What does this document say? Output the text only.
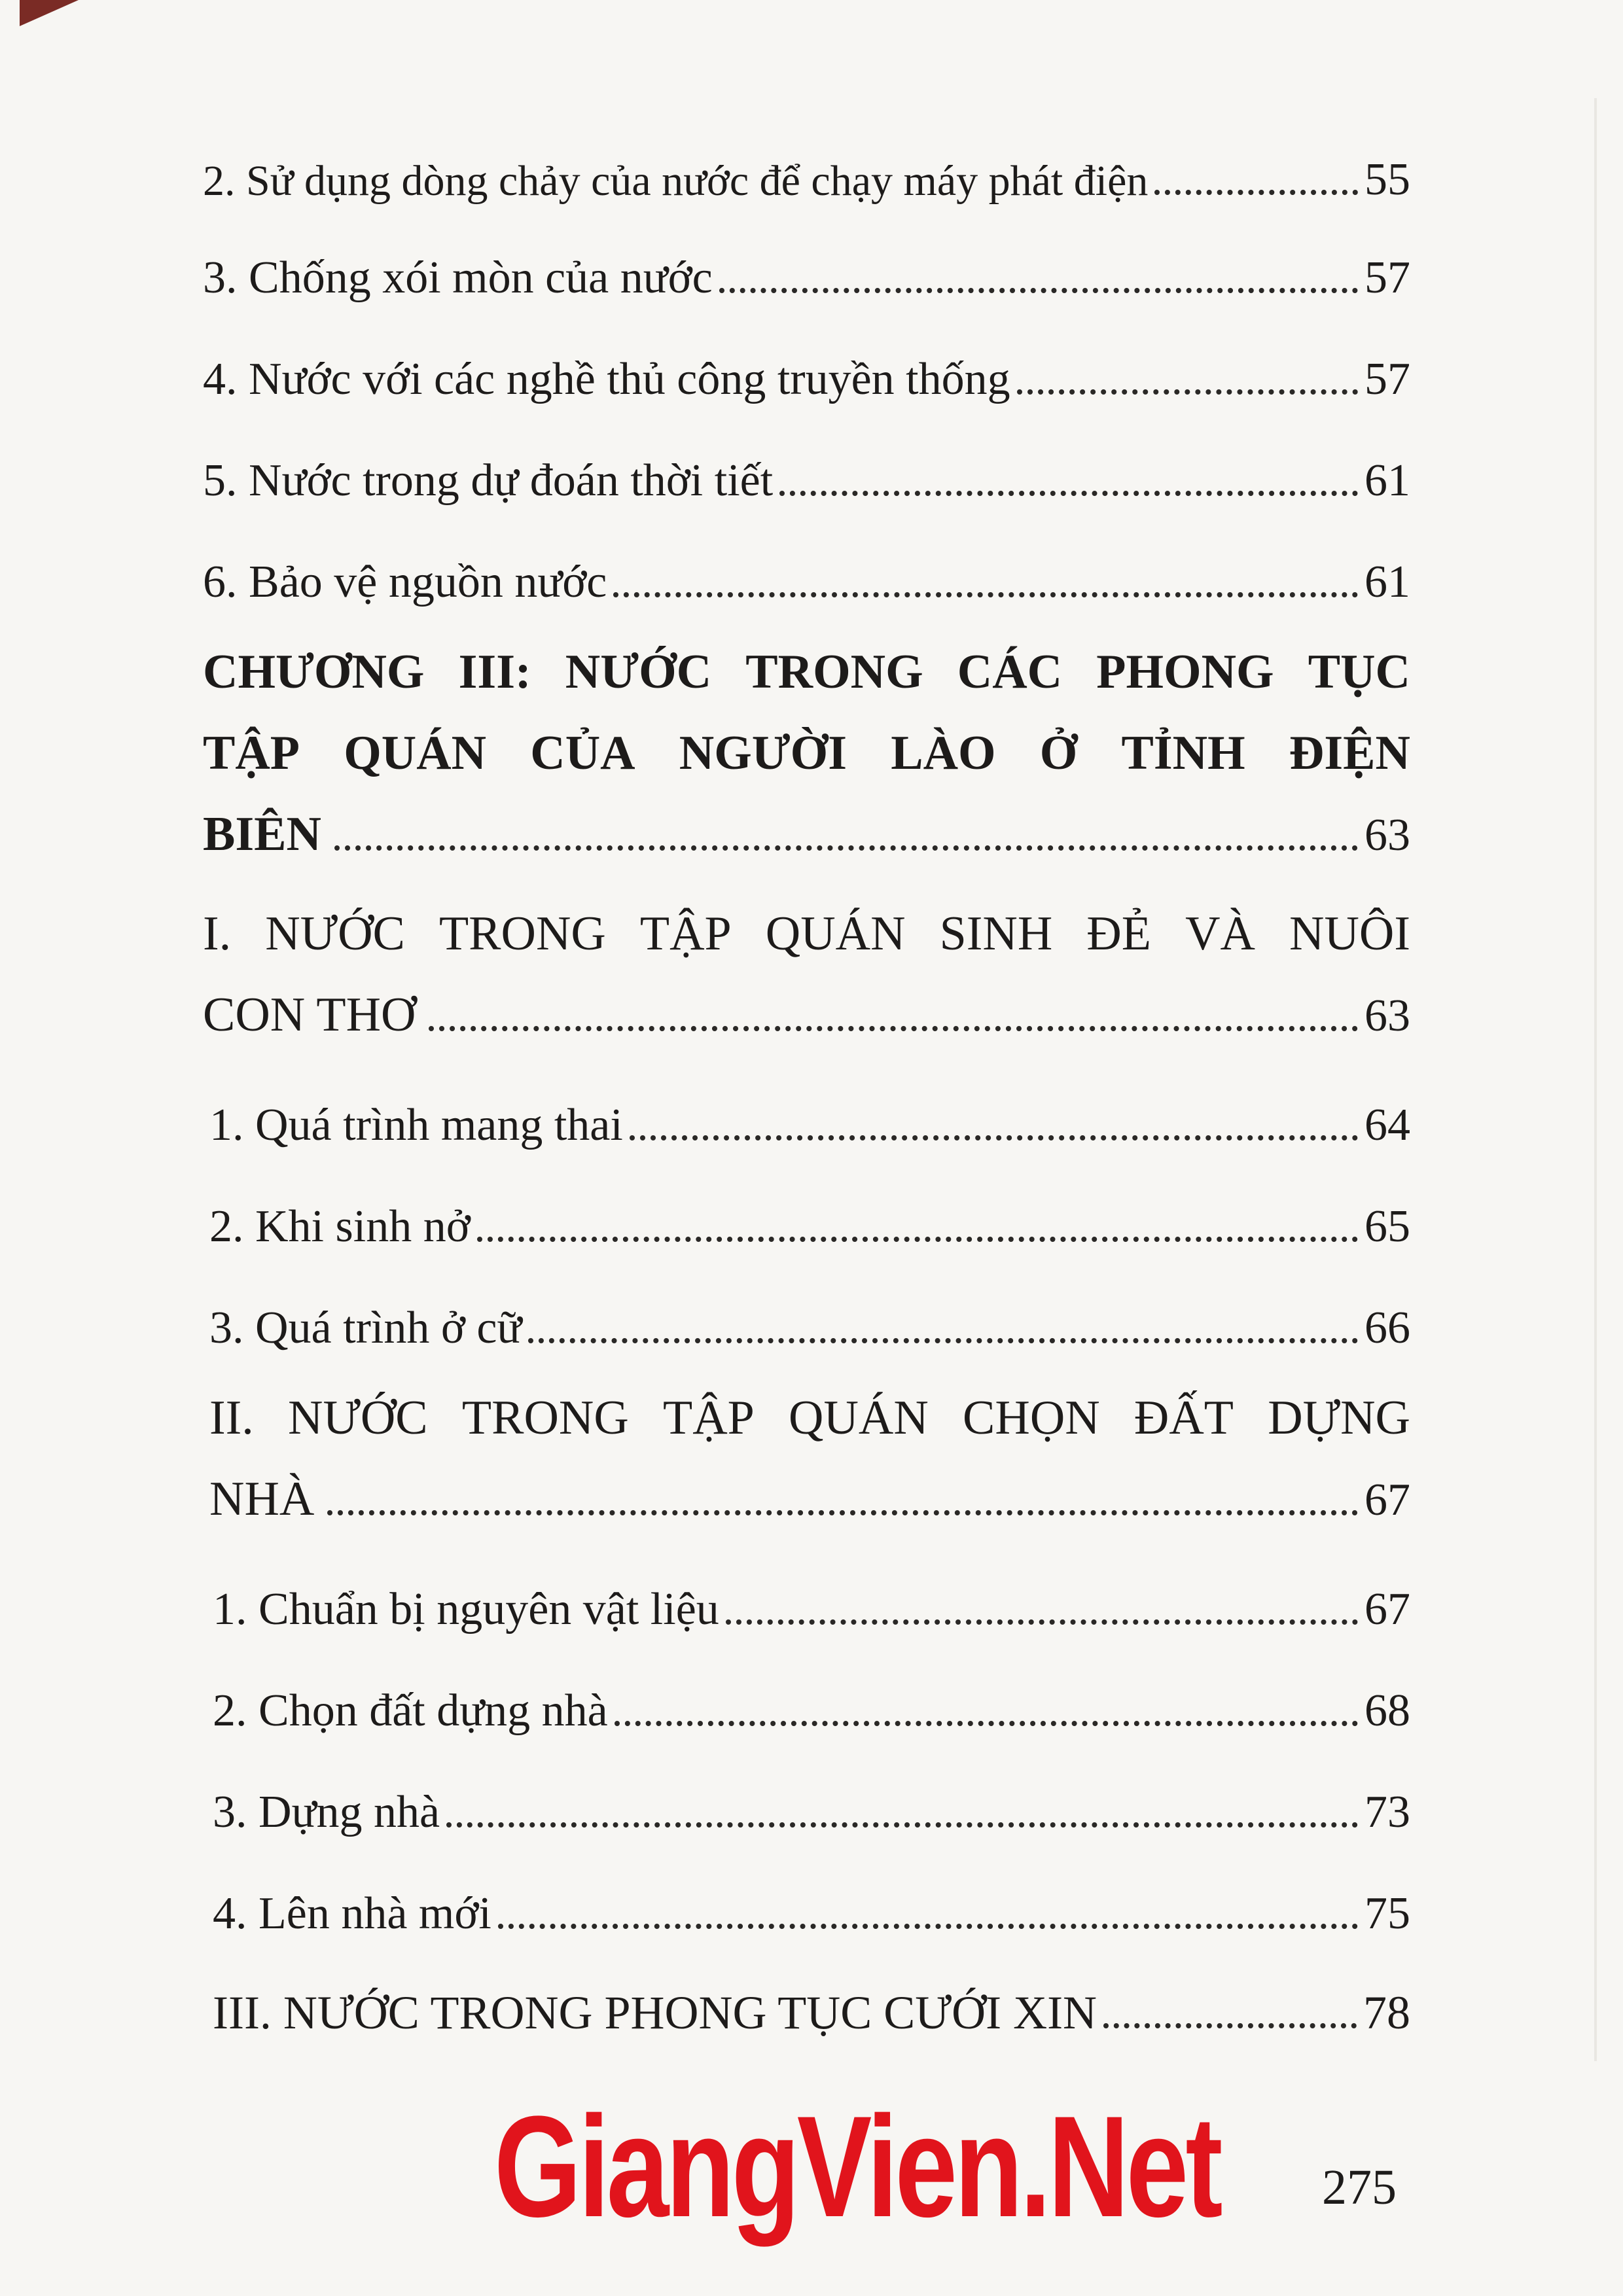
2. Sử dụng dòng chảy của nước để chạy máy phát điện	55
3. Chống xói mòn của nước	57
4. Nước với các nghề thủ công truyền thống	57
5. Nước trong dự đoán thời tiết	61
6. Bảo vệ nguồn nước	61
CHƯƠNG III: NƯỚC TRONG CÁC PHONG TỤC
TẬP QUÁN CỦA NGƯỜI LÀO Ở TỈNH ĐIỆN
BIÊN	63
I. NƯỚC TRONG TẬP QUÁN SINH ĐẺ VÀ NUÔI
CON THƠ	63
1. Quá trình mang thai	64
2. Khi sinh nở	65
3. Quá trình ở cữ	66
II. NƯỚC TRONG TẬP QUÁN CHỌN ĐẤT DỰNG
NHÀ	67
1. Chuẩn bị nguyên vật liệu	67
2. Chọn đất dựng nhà	68
3. Dựng nhà	73
4. Lên nhà mới	75
III. NƯỚC TRONG PHONG TỤC CƯỚI XIN	78
GiangVien.Net 275
